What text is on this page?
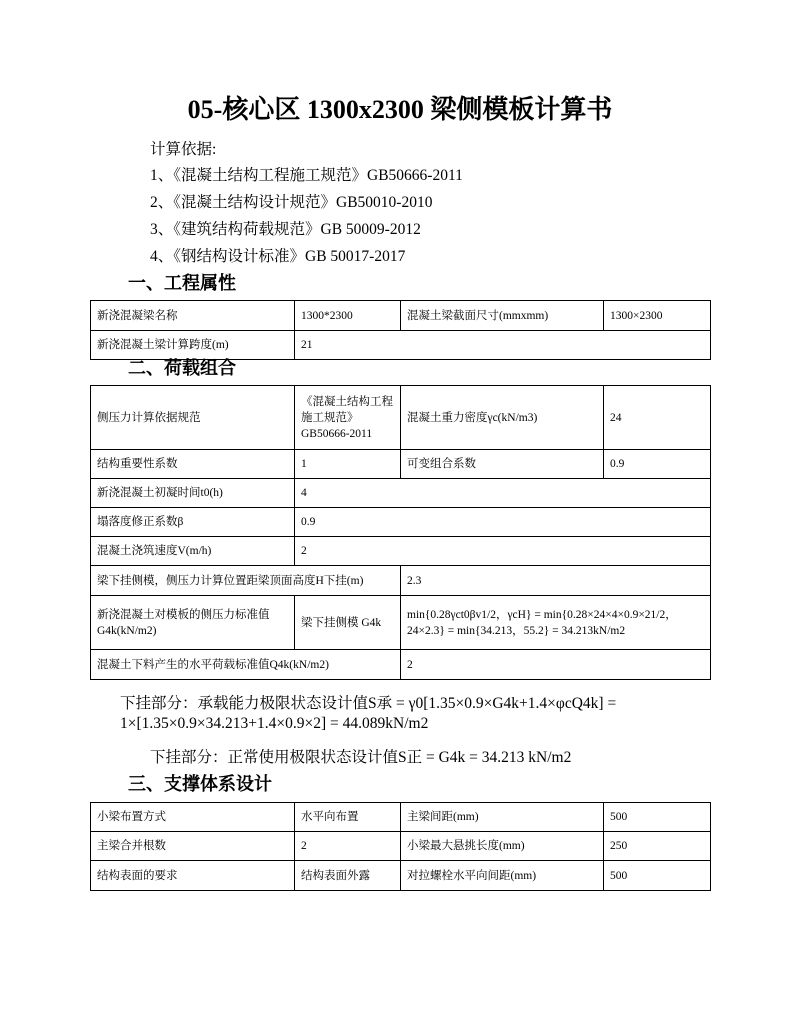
05-核心区 1300x2300 梁侧模板计算书
计算依据:
1、《混凝土结构工程施工规范》GB50666-2011
2、《混凝土结构设计规范》GB50010-2010
3、《建筑结构荷载规范》GB 50009-2012
4、《钢结构设计标准》GB 50017-2017
一、工程属性
新浇混凝梁名称	1300*2300	混凝土梁截面尺寸(mmxmm)	1300×2300
新浇混凝土梁计算跨度(m)	21		
二、荷载组合
侧压力计算依据规范	《混凝土结构工程施工规范》GB50666-2011	混凝土重力密度γc(kN/m3)	24
结构重要性系数	1	可变组合系数	0.9
新浇混凝土初凝时间t0(h)	4		
塌落度修正系数β	0.9		
混凝土浇筑速度V(m/h)	2		
梁下挂侧模，侧压力计算位置距梁顶面高度H下挂(m)		2.3	
新浇混凝土对模板的侧压力标准值G4k(kN/m2)	梁下挂侧模 G4k	min{0.28γct0βv1/2，γcH} = min{0.28×24×4×0.9×21/2，24×2.3} = min{34.213，55.2} = 34.213kN/m2	
混凝土下料产生的水平荷载标准值Q4k(kN/m2)		2	
下挂部分：承载能力极限状态设计值S承 = γ0[1.35×0.9×G4k+1.4×φcQ4k] = 1×[1.35×0.9×34.213+1.4×0.9×2] = 44.089kN/m2
下挂部分：正常使用极限状态设计值S正 = G4k = 34.213 kN/m2
三、支撑体系设计
小梁布置方式	水平向布置	主梁间距(mm)	500
主梁合并根数	2	小梁最大悬挑长度(mm)	250
结构表面的要求	结构表面外露	对拉螺栓水平向间距(mm)	500
